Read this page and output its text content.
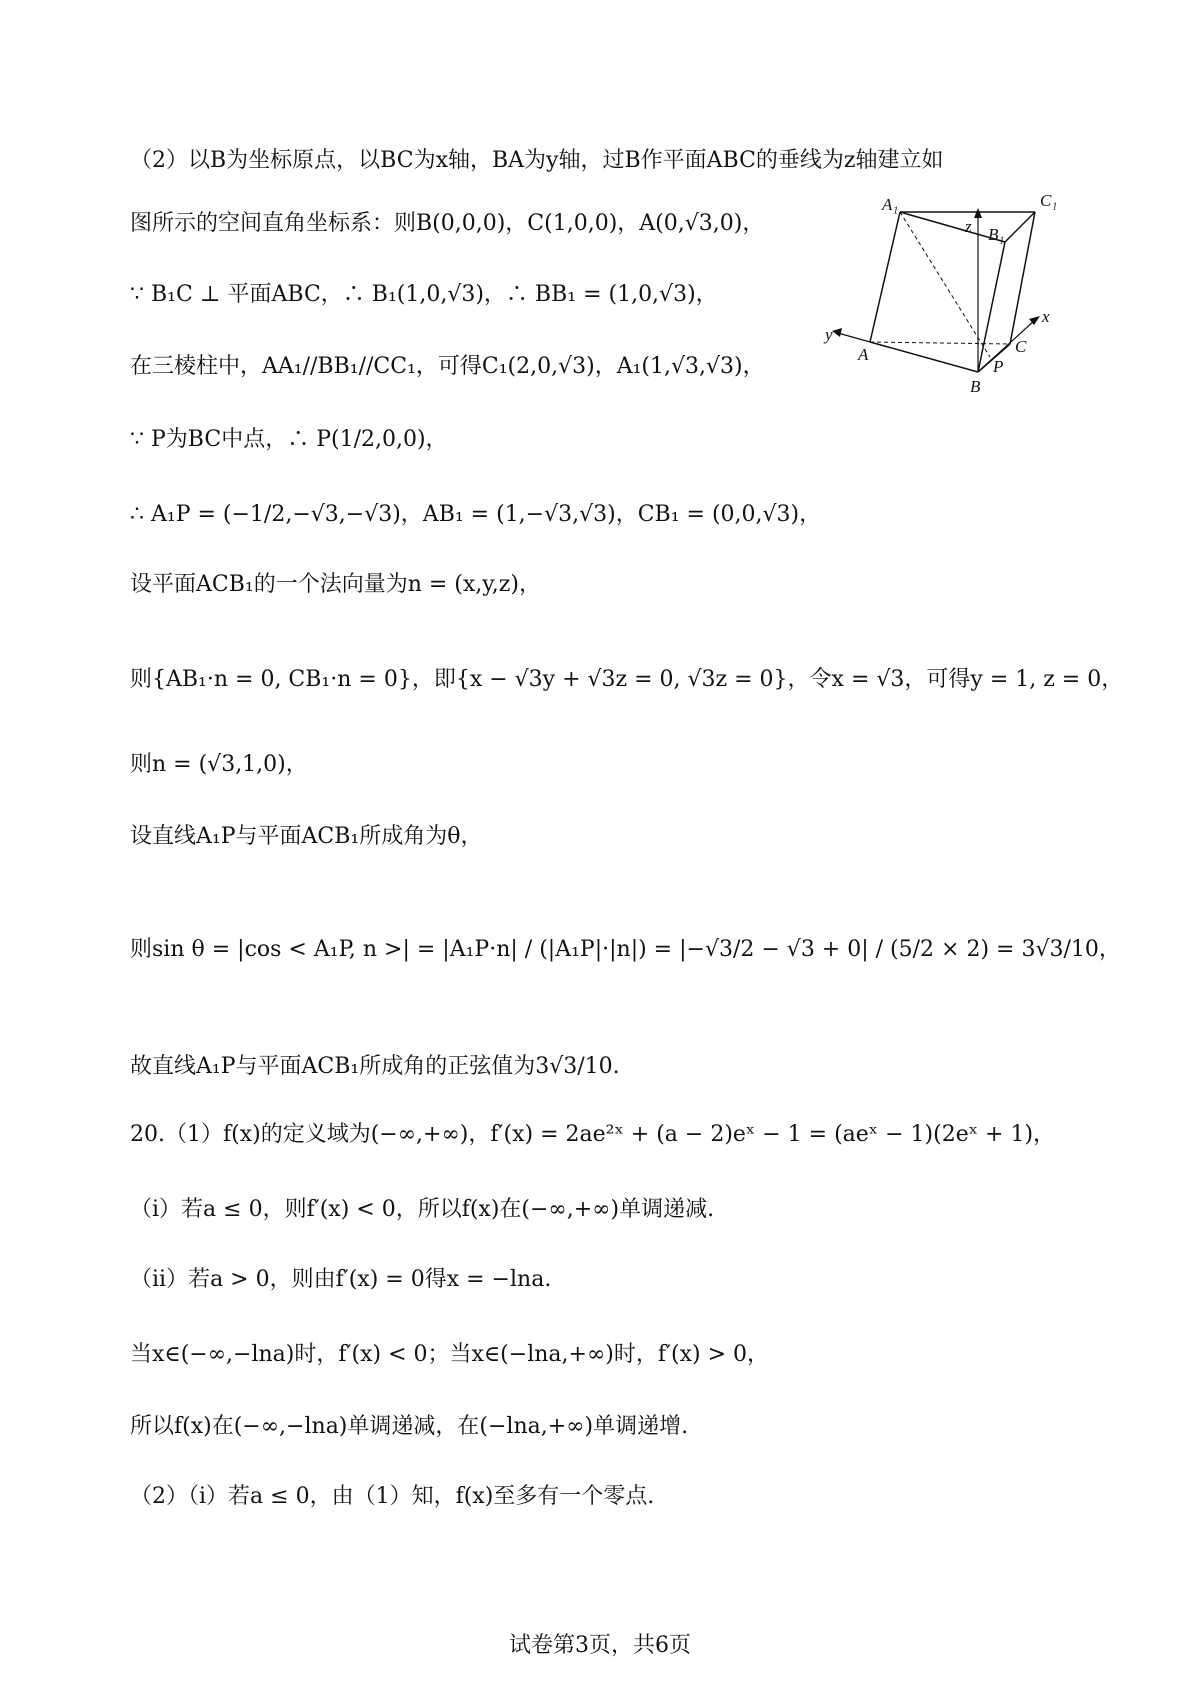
（2）以B为坐标原点，以BC为x轴，BA为y轴，过B作平面ABC的垂线为z轴建立如
图所示的空间直角坐标系：则B(0,0,0)，C(1,0,0)，A(0,√3,0)，
∵ B₁C ⊥ 平面ABC，∴ B₁(1,0,√3)，∴ BB₁ = (1,0,√3)，
在三棱柱中，AA₁//BB₁//CC₁，可得C₁(2,0,√3)，A₁(1,√3,√3)，
∵ P为BC中点，∴ P(1/2,0,0)，
∴ A₁P = (−1/2,−√3,−√3)，AB₁ = (1,−√3,√3)，CB₁ = (0,0,√3)，
设平面ACB₁的一个法向量为n = (x,y,z)，
则{AB₁·n = 0, CB₁·n = 0}，即{x − √3y + √3z = 0, √3z = 0}，令x = √3，可得y = 1, z = 0，
则n = (√3,1,0)，
设直线A₁P与平面ACB₁所成角为θ，
则sin θ = |cos < A₁P, n >| = |A₁P·n| / (|A₁P|·|n|) = |−√3/2 − √3 + 0| / (5/2 × 2) = 3√3/10，
故直线A₁P与平面ACB₁所成角的正弦值为3√3/10.
20.（1）f(x)的定义域为(−∞,+∞)，f′(x) = 2ae²ˣ + (a − 2)eˣ − 1 = (aeˣ − 1)(2eˣ + 1)，
（i）若a ≤ 0，则f′(x) < 0，所以f(x)在(−∞,+∞)单调递减.
（ii）若a > 0，则由f′(x) = 0得x = −lna.
当x∈(−∞,−lna)时，f′(x) < 0；当x∈(−lna,+∞)时，f′(x) > 0，
所以f(x)在(−∞,−lna)单调递减，在(−lna,+∞)单调递增.
（2）（i）若a ≤ 0，由（1）知，f(x)至多有一个零点.
A₁	C₁
B₁
z
x
y
A	C
P
B
试卷第3页，共6页
